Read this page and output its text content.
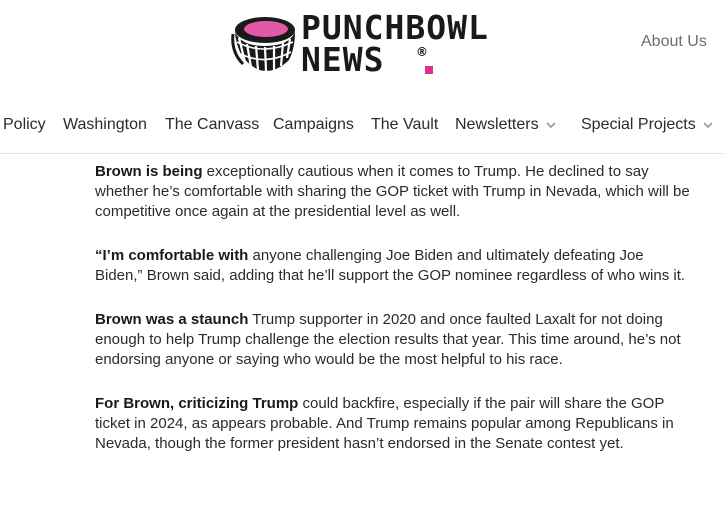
PUNCHBOWL
NEWS	®
About Us
Policy Washington The Canvass Campaigns The Vault Newsletters	Special Projects

Brown is being exceptionally cautious when it comes to Trump. He declined to say whether he’s comfortable with sharing the GOP ticket with Trump in Nevada, which will be competitive once again at the presidential level as well.

“I’m comfortable with anyone challenging Joe Biden and ultimately defeating Joe Biden,” Brown said, adding that he’ll support the GOP nominee regardless of who wins it.

Brown was a staunch Trump supporter in 2020 and once faulted Laxalt for not doing enough to help Trump challenge the election results that year. This time around, he’s not endorsing anyone or saying who would be the most helpful to his race.

For Brown, criticizing Trump could backfire, especially if the pair will share the GOP ticket in 2024, as appears probable. And Trump remains popular among Republicans in Nevada, though the former president hasn’t endorsed in the Senate contest yet.
